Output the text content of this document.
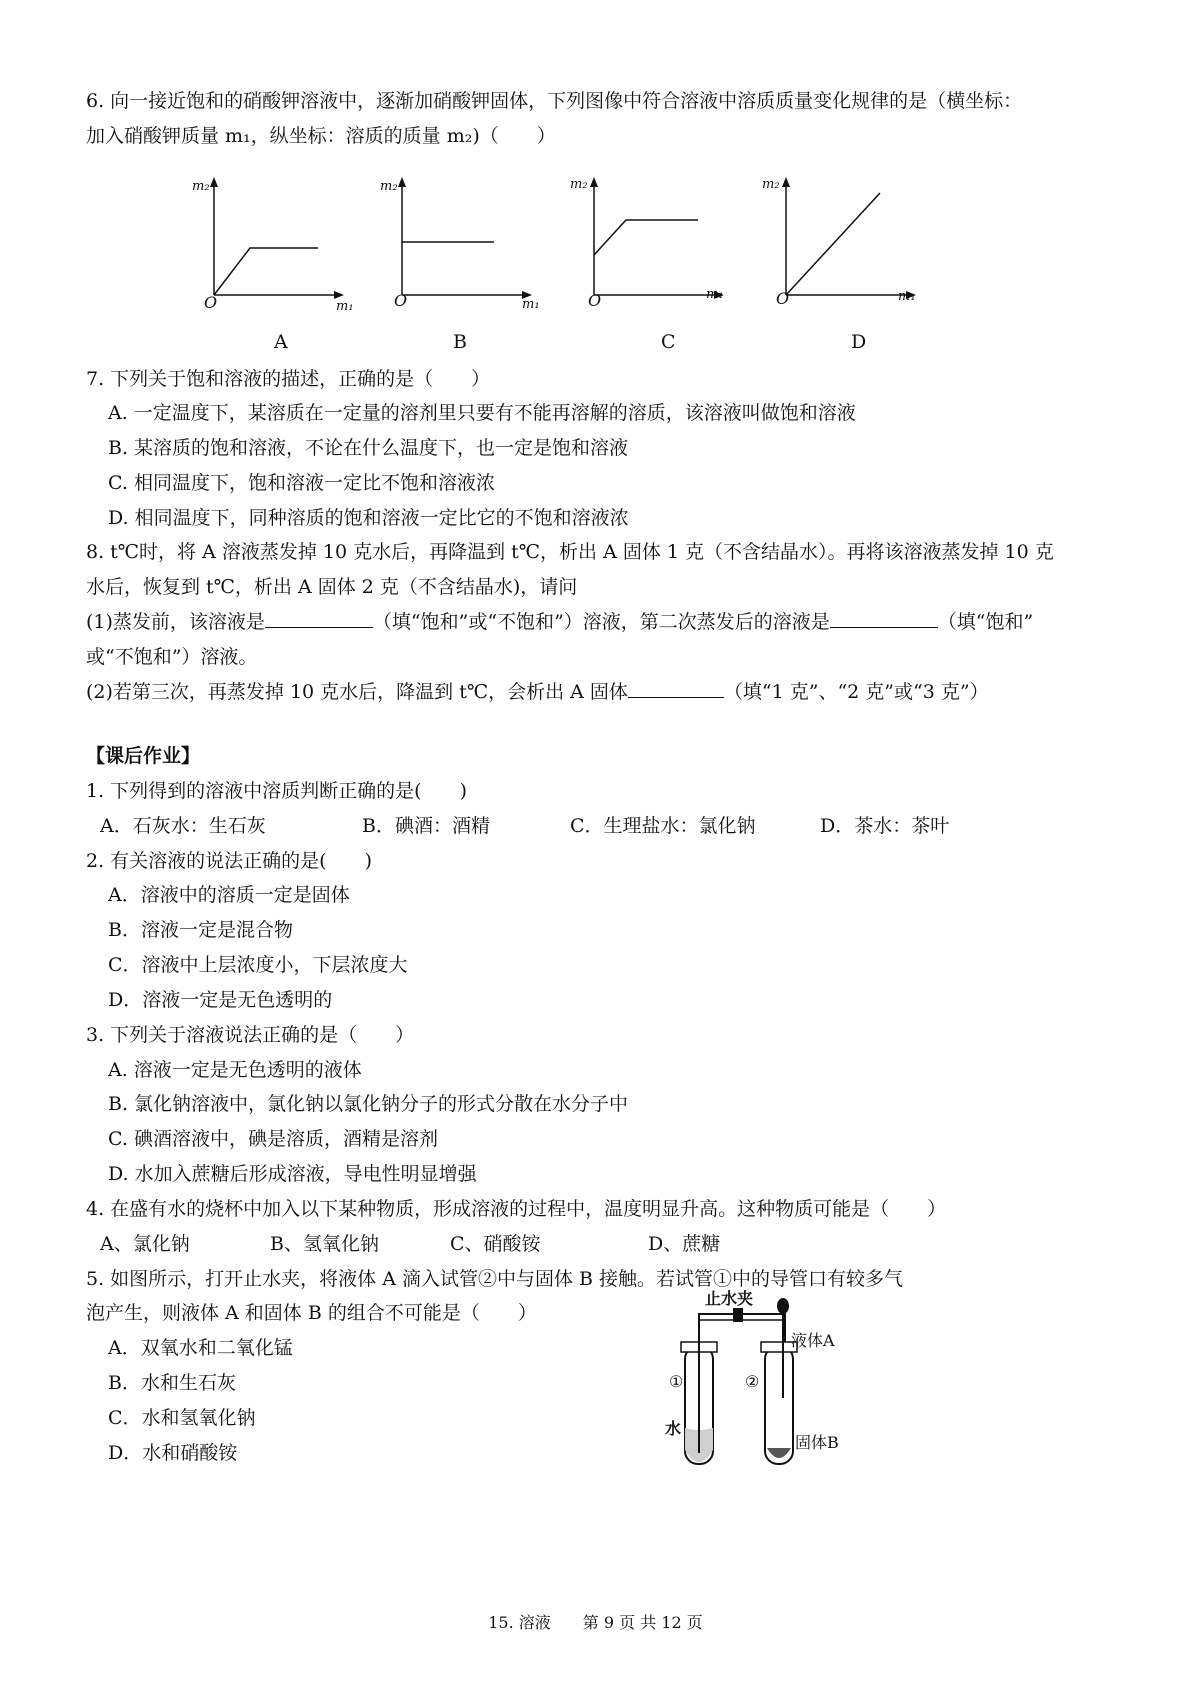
6. 向一接近饱和的硝酸钾溶液中，逐渐加硝酸钾固体，下列图像中符合溶液中溶质质量变化规律的是（横坐标：
加入硝酸钾质量 m₁，纵坐标：溶质的质量 m₂)（　　）
m₂
O	m₁
A
m₂
O	m₁
B
m₂
O	m₁
C
m₂
O	m₁
D
7. 下列关于饱和溶液的描述，正确的是（　　）
A. 一定温度下，某溶质在一定量的溶剂里只要有不能再溶解的溶质，该溶液叫做饱和溶液
B. 某溶质的饱和溶液，不论在什么温度下，也一定是饱和溶液
C. 相同温度下，饱和溶液一定比不饱和溶液浓
D. 相同温度下，同种溶质的饱和溶液一定比它的不饱和溶液浓
8. t℃时，将 A 溶液蒸发掉 10 克水后，再降温到 t℃，析出 A 固体 1 克（不含结晶水）。再将该溶液蒸发掉 10 克
水后，恢复到 t℃，析出 A 固体 2 克（不含结晶水)，请问
(1)蒸发前，该溶液是	（填“饱和”或“不饱和”）溶液，第二次蒸发后的溶液是	（填“饱和”
或“不饱和”）溶液。
(2)若第三次，再蒸发掉 10 克水后，降温到 t℃，会析出 A 固体	（填“1 克”、“2 克”或“3 克”）
【课后作业】
1. 下列得到的溶液中溶质判断正确的是(　　)
A．石灰水：生石灰	B．碘酒：酒精	C．生理盐水：氯化钠	D．茶水：茶叶
2. 有关溶液的说法正确的是(　　)
A．溶液中的溶质一定是固体
B．溶液一定是混合物
C．溶液中上层浓度小，下层浓度大
D．溶液一定是无色透明的
3. 下列关于溶液说法正确的是（　　）
A. 溶液一定是无色透明的液体
B. 氯化钠溶液中，氯化钠以氯化钠分子的形式分散在水分子中
C. 碘酒溶液中，碘是溶质，酒精是溶剂
D. 水加入蔗糖后形成溶液，导电性明显增强
4. 在盛有水的烧杯中加入以下某种物质，形成溶液的过程中，温度明显升高。这种物质可能是（　　）
A、氯化钠	B、氢氧化钠	C、硝酸铵	D、蔗糖
5. 如图所示，打开止水夹，将液体 A 滴入试管②中与固体 B 接触。若试管①中的导管口有较多气
泡产生，则液体 A 和固体 B 的组合不可能是（　　）
A．双氧水和二氧化锰
B．水和生石灰
C．水和氢氧化钠
D．水和硝酸铵
止水夹
液体A
①	②
水
固体B
15. 溶液　　第 9 页 共 12 页
